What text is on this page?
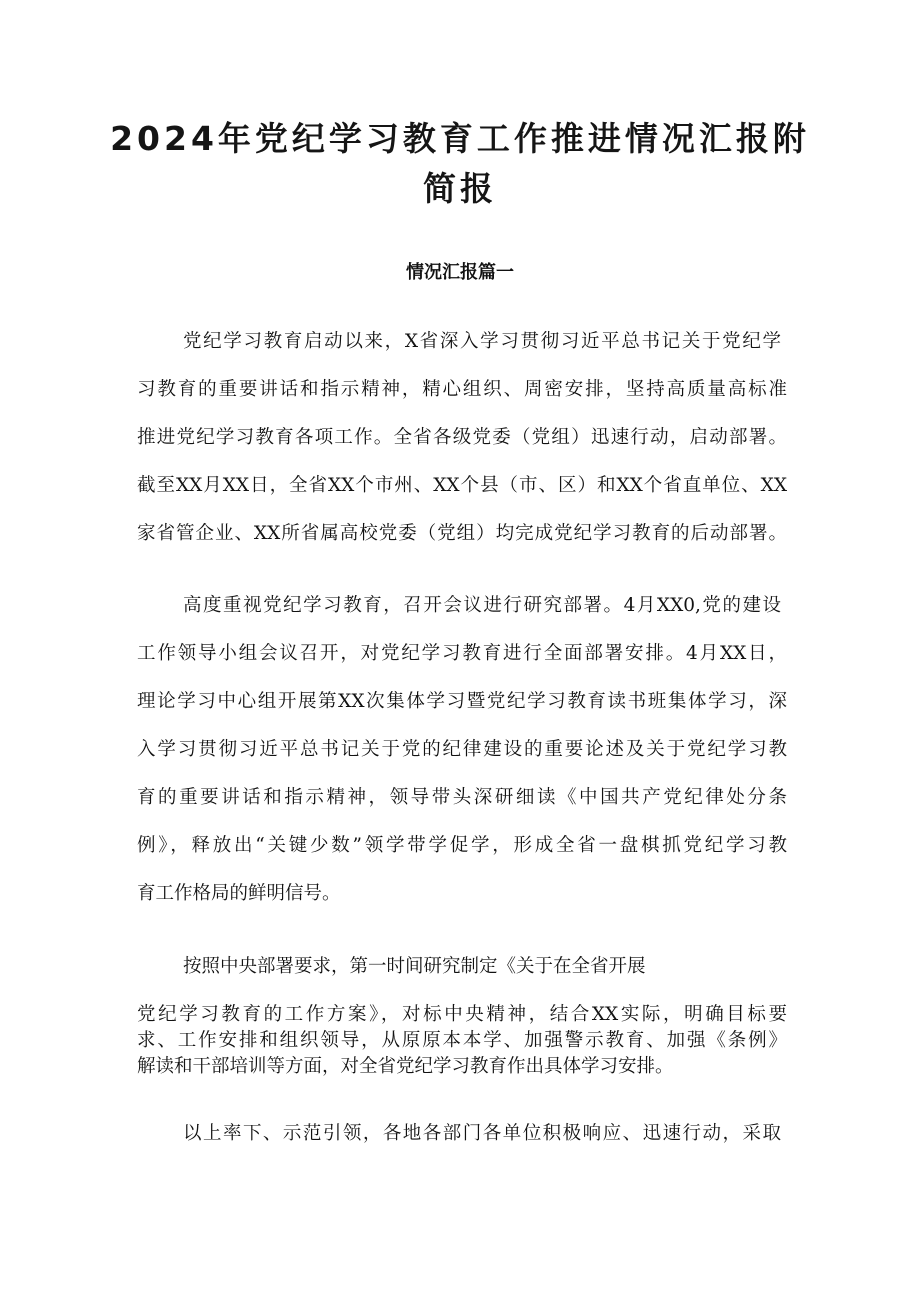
2024年党纪学习教育工作推进情况汇报附
简报
情况汇报篇一
党纪学习教育启动以来，X省深入学习贯彻习近平总书记关于党纪学
习教育的重要讲话和指示精神，精心组织、周密安排，坚持高质量高标准
推进党纪学习教育各项工作。全省各级党委（党组）迅速行动，启动部署。
截至XX月XX日，全省XX个市州、XX个县（市、区）和XX个省直单位、XX
家省管企业、XX所省属高校党委（党组）均完成党纪学习教育的后动部署。
高度重视党纪学习教育，召开会议进行研究部署。4月XX0,党的建设
工作领导小组会议召开，对党纪学习教育进行全面部署安排。4月XX日，
理论学习中心组开展第XX次集体学习暨党纪学习教育读书班集体学习，深
入学习贯彻习近平总书记关于党的纪律建设的重要论述及关于党纪学习教
育的重要讲话和指示精神，领导带头深研细读《中国共产党纪律处分条
例》，释放出“关键少数”领学带学促学，形成全省一盘棋抓党纪学习教
育工作格局的鲜明信号。
按照中央部署要求，第一时间研究制定《关于在全省开展
党纪学习教育的工作方案》，对标中央精神，结合XX实际，明确目标要
求、工作安排和组织领导，从原原本本学、加强警示教育、加强《条例》
解读和干部培训等方面，对全省党纪学习教育作出具体学习安排。
以上率下、示范引领，各地各部门各单位积极响应、迅速行动，采取
